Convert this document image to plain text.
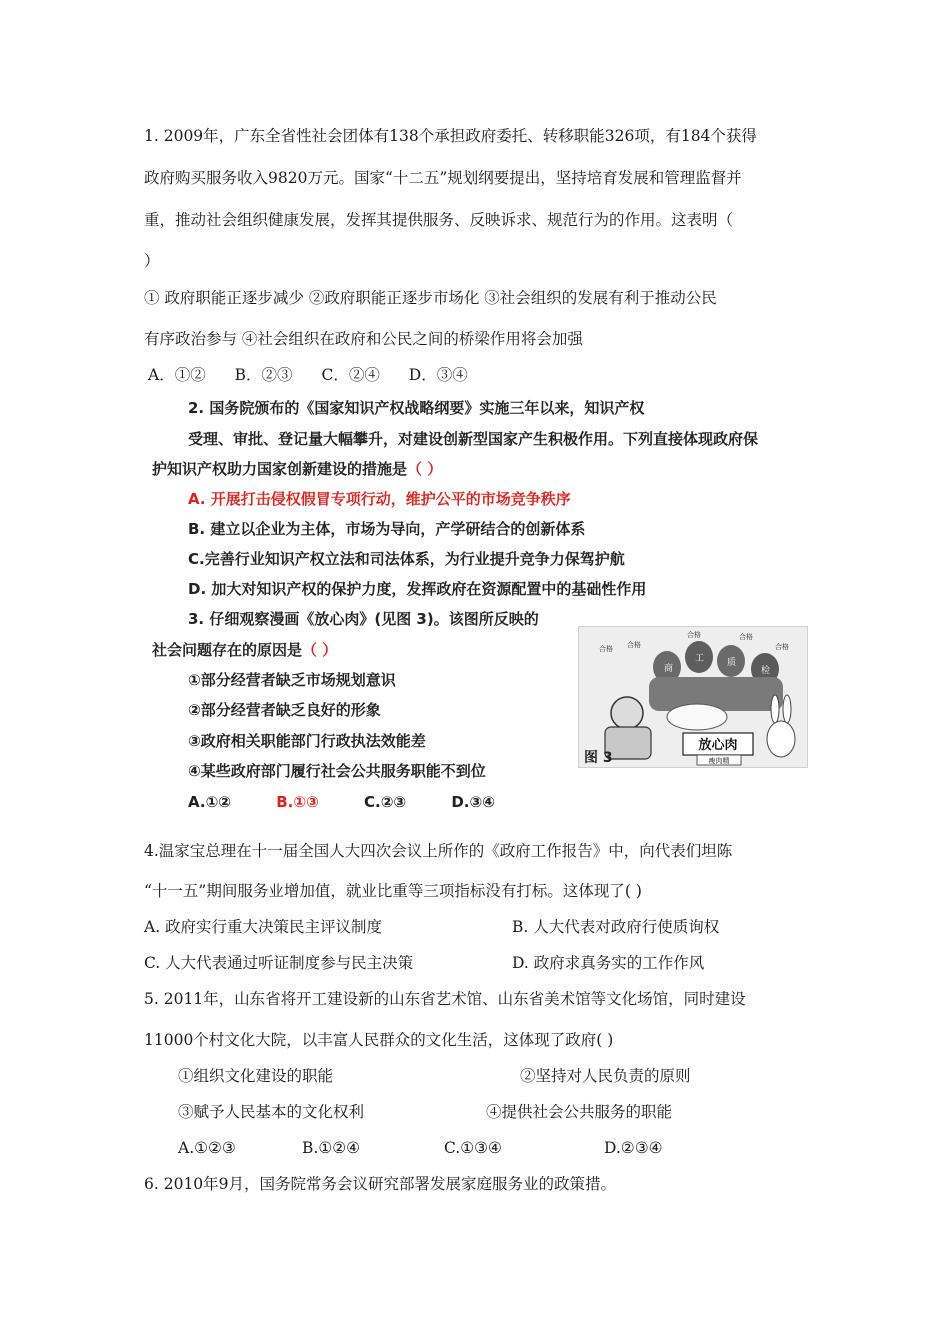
1. 2009年，广东全省性社会团体有138个承担政府委托、转移职能326项，有184个获得
政府购买服务收入9820万元。国家“十二五”规划纲要提出，坚持培育发展和管理监督并
重，推动社会组织健康发展，发挥其提供服务、反映诉求、规范行为的作用。这表明（
）
① 政府职能正逐步减少 ②政府职能正逐步市场化 ③社会组织的发展有利于推动公民
有序政治参与 ④社会组织在政府和公民之间的桥梁作用将会加强
A．①② B．②③ C．②④ D．③④
2. 国务院颁布的《国家知识产权战略纲要》实施三年以来，知识产权
受理、审批、登记量大幅攀升，对建设创新型国家产生积极作用。下列直接体现政府保
护知识产权助力国家创新建设的措施是（ ）
A. 开展打击侵权假冒专项行动，维护公平的市场竞争秩序
B. 建立以企业为主体，市场为导向，产学研结合的创新体系
C.完善行业知识产权立法和司法体系，为行业提升竞争力保驾护航
D. 加大对知识产权的保护力度，发挥政府在资源配置中的基础性作用
3. 仔细观察漫画《放心肉》(见图 3)。该图所反映的
社会问题存在的原因是（ ）
①部分经营者缺乏市场规划意识
②部分经营者缺乏良好的形象
③政府相关职能部门行政执法效能差
④某些政府部门履行社会公共服务职能不到位
A.①②	B.①③	C.②③	D.③④
商
工	质
检
合格
合格	合格
合格
合格
放心肉
瘦肉精
图 3
4.温家宝总理在十一届全国人大四次会议上所作的《政府工作报告》中，向代表们坦陈
“十一五”期间服务业增加值，就业比重等三项指标没有打标。这体现了( )
A. 政府实行重大决策民主评议制度	B. 人大代表对政府行使质询权
C. 人大代表通过听证制度参与民主决策	D. 政府求真务实的工作作风
5. 2011年，山东省将开工建设新的山东省艺术馆、山东省美术馆等文化场馆，同时建设
11000个村文化大院，以丰富人民群众的文化生活，这体现了政府( )
①组织文化建设的职能	②坚持对人民负责的原则
③赋予人民基本的文化权利	④提供社会公共服务的职能
A.①②③	B.①②④	C.①③④	D.②③④
6. 2010年9月，国务院常务会议研究部署发展家庭服务业的政策措。
